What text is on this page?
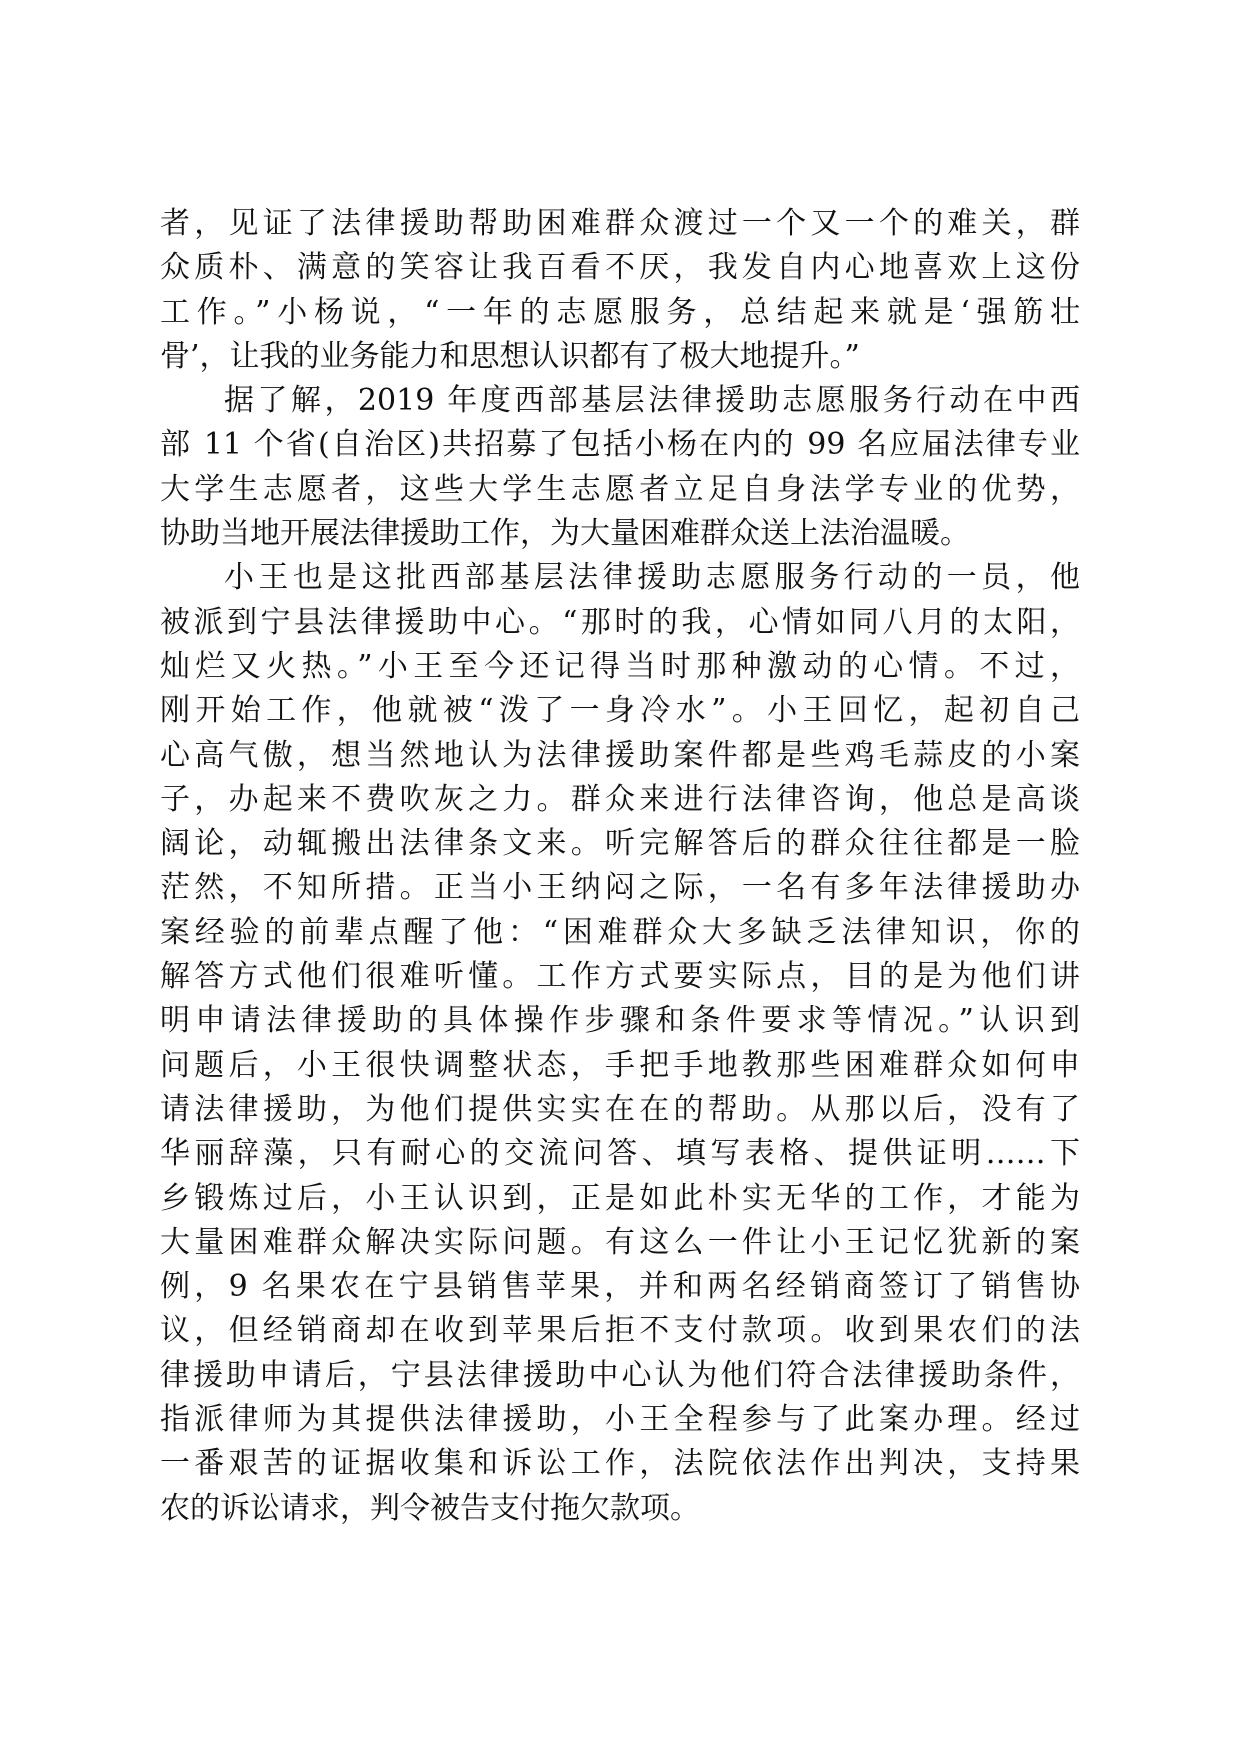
者，见证了法律援助帮助困难群众渡过一个又一个的难关，群
众质朴、满意的笑容让我百看不厌，我发自内心地喜欢上这份
工作。”小杨说，“一年的志愿服务，总结起来就是‘强筋壮
骨’，让我的业务能力和思想认识都有了极大地提升。”
据了解，2019 年度西部基层法律援助志愿服务行动在中西
部 11 个省(自治区)共招募了包括小杨在内的 99 名应届法律专业
大学生志愿者，这些大学生志愿者立足自身法学专业的优势，
协助当地开展法律援助工作，为大量困难群众送上法治温暖。
小王也是这批西部基层法律援助志愿服务行动的一员，他
被派到宁县法律援助中心。“那时的我，心情如同八月的太阳，
灿烂又火热。”小王至今还记得当时那种激动的心情。不过，
刚开始工作，他就被“泼了一身冷水”。小王回忆，起初自己
心高气傲，想当然地认为法律援助案件都是些鸡毛蒜皮的小案
子，办起来不费吹灰之力。群众来进行法律咨询，他总是高谈
阔论，动辄搬出法律条文来。听完解答后的群众往往都是一脸
茫然，不知所措。正当小王纳闷之际，一名有多年法律援助办
案经验的前辈点醒了他：“困难群众大多缺乏法律知识，你的
解答方式他们很难听懂。工作方式要实际点，目的是为他们讲
明申请法律援助的具体操作步骤和条件要求等情况。”认识到
问题后，小王很快调整状态，手把手地教那些困难群众如何申
请法律援助，为他们提供实实在在的帮助。从那以后，没有了
华丽辞藻，只有耐心的交流问答、填写表格、提供证明……下
乡锻炼过后，小王认识到，正是如此朴实无华的工作，才能为
大量困难群众解决实际问题。有这么一件让小王记忆犹新的案
例，9 名果农在宁县销售苹果，并和两名经销商签订了销售协
议，但经销商却在收到苹果后拒不支付款项。收到果农们的法
律援助申请后，宁县法律援助中心认为他们符合法律援助条件，
指派律师为其提供法律援助，小王全程参与了此案办理。经过
一番艰苦的证据收集和诉讼工作，法院依法作出判决，支持果
农的诉讼请求，判令被告支付拖欠款项。
